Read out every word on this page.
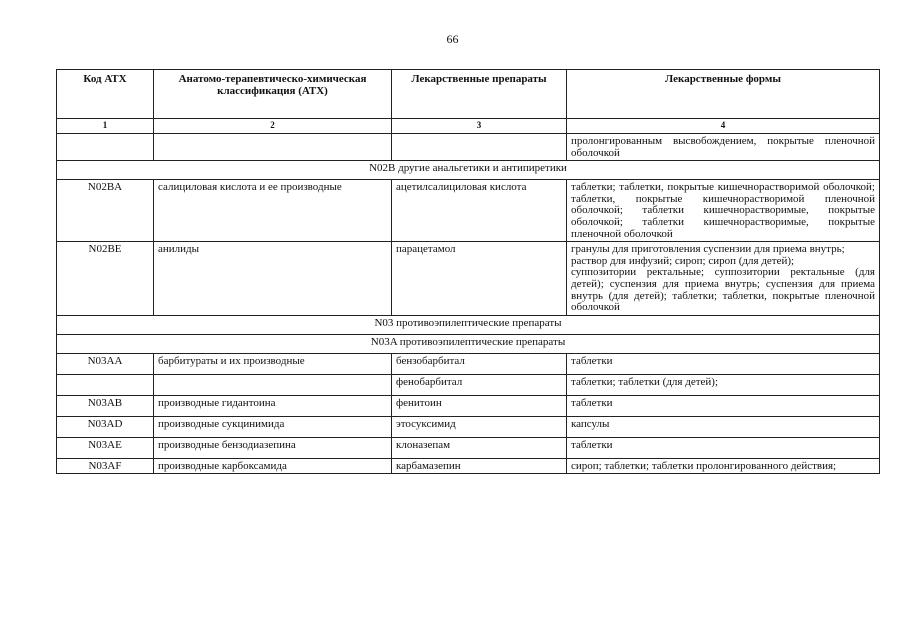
66
Код АТХ	Анатомо-терапевтическо-химическая классификация (АТХ)	Лекарственные препараты	Лекарственные формы
1	2	3	4
			пролонгированным высвобождением, покрытые пленочной оболочкой
N02B другие анальгетики и антипиретики			
N02BA	салициловая кислота и ее производные	ацетилсалициловая кислота	таблетки; таблетки, покрытые кишечнорастворимой оболочкой; таблетки, покрытые кишечнорастворимой пленочной оболочкой; таблетки кишечнорастворимые, покрытые оболочкой; таблетки кишечнорастворимые, покрытые пленочной оболочкой
N02BE	анилиды	парацетамол	гранулы для приготовления суспензии для приема внутрь;
раствор для инфузий; сироп; сироп (для детей);
суппозитории ректальные; суппозитории ректальные (для детей); суспензия для приема внутрь; суспензия для приема внутрь (для детей); таблетки; таблетки, покрытые пленочной оболочкой

N03 противоэпилептические препараты			
N03A противоэпилептические препараты			
N03AA	барбитураты и их производные	бензобарбитал	таблетки
		фенобарбитал	таблетки; таблетки (для детей);
N03AB	производные гидантоина	фенитоин	таблетки
N03AD	производные сукцинимида	этосуксимид	капсулы
N03AE	производные бензодиазепина	клоназепам	таблетки
N03AF	производные карбоксамида	карбамазепин	сироп; таблетки; таблетки пролонгированного действия;
